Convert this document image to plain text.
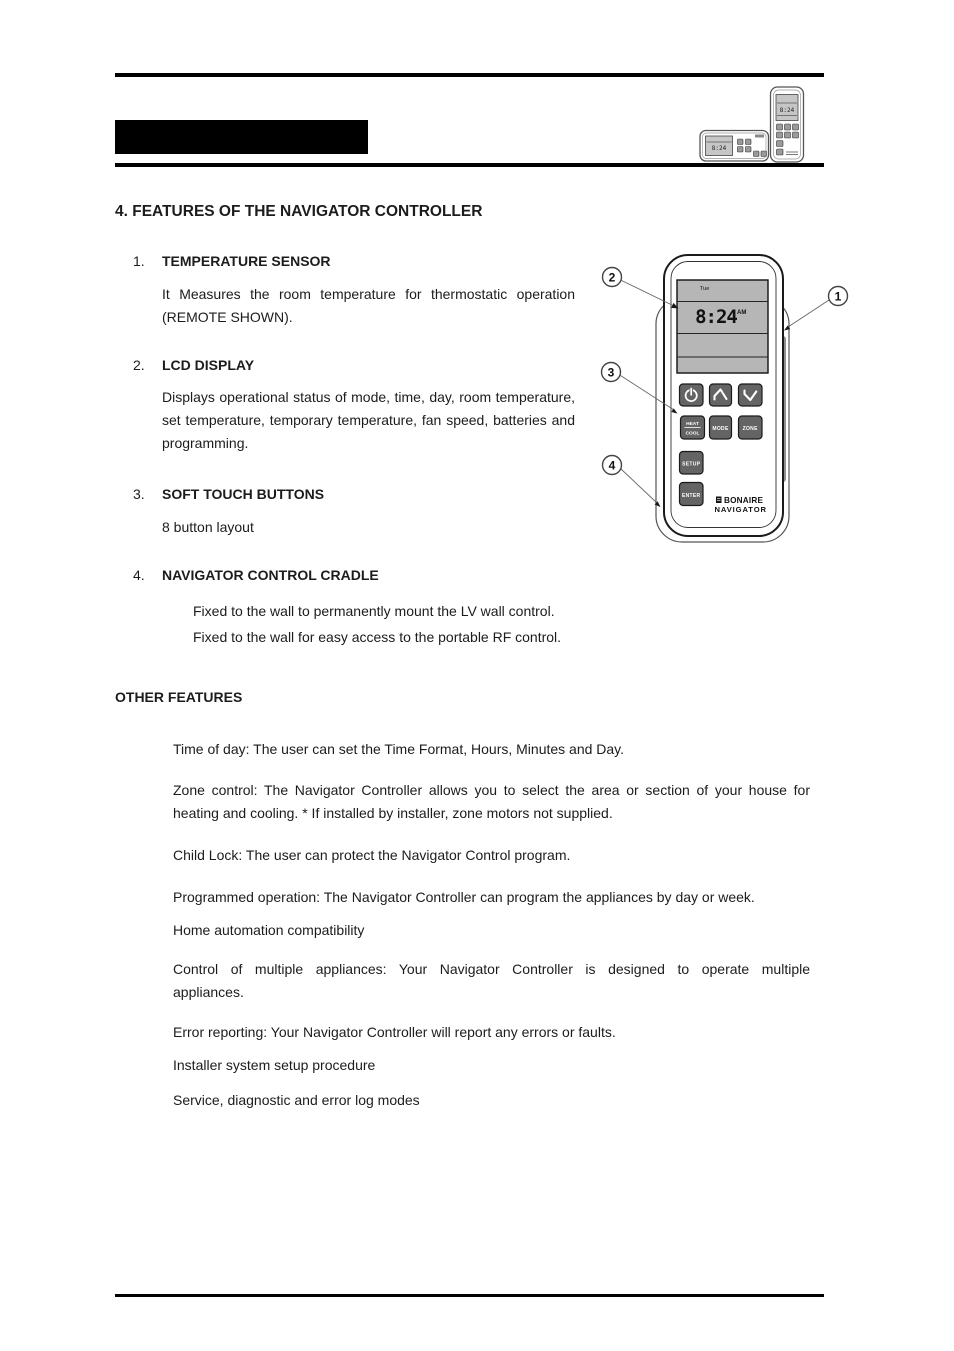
8:24
8:24
4. FEATURES OF THE NAVIGATOR CONTROLLER
1. TEMPERATURE SENSOR
It Measures the room temperature for thermostatic operation
(REMOTE SHOWN).
2. LCD DISPLAY
Displays operational status of mode, time, day, room temperature,
set temperature, temporary temperature, fan speed, batteries and
programming.
3. SOFT TOUCH BUTTONS
8 button layout
4. NAVIGATOR CONTROL CRADLE
Fixed to the wall to permanently mount the LV wall control.
Fixed to the wall for easy access to the portable RF control.
OTHER FEATURES
Time of day: The user can set the Time Format, Hours, Minutes and Day.
Zone control: The Navigator Controller allows you to select the area or section of your house for
heating and cooling. * If installed by installer, zone motors not supplied.
Child Lock: The user can protect the Navigator Control program.
Programmed operation: The Navigator Controller can program the appliances by day or week.
Home automation compatibility
Control of multiple appliances: Your Navigator Controller is designed to operate multiple
appliances.
Error reporting: Your Navigator Controller will report any errors or faults.
Installer system setup procedure
Service, diagnostic and error log modes
Tue
8:24 AM
HEAT
COOL
MODE	ZONE
SETUP
ENTER	BONAIRE
NAVIGATOR
2
3
4
1
